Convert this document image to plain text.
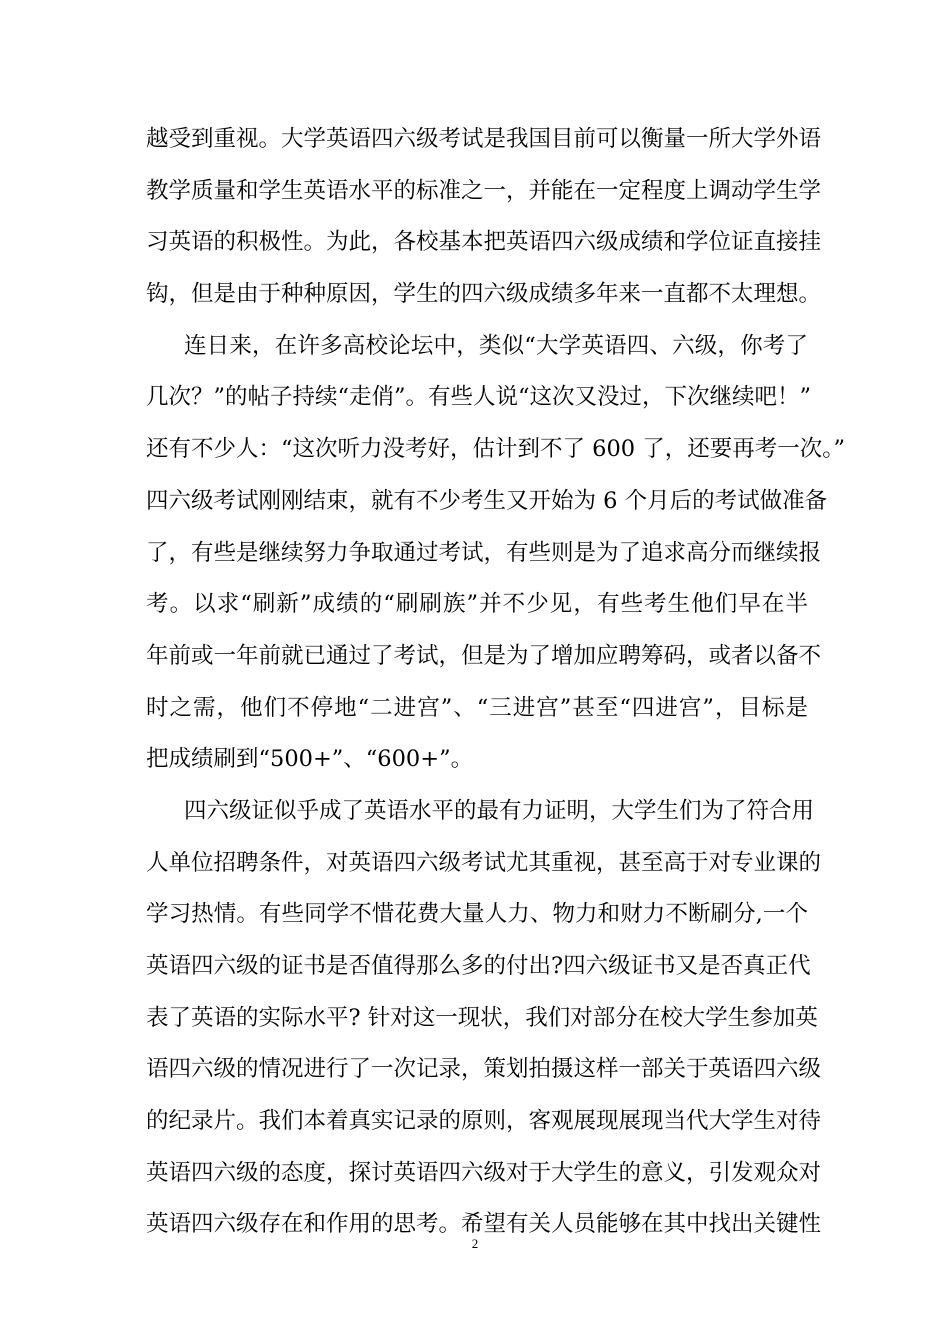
越受到重视。大学英语四六级考试是我国目前可以衡量一所大学外语
教学质量和学生英语水平的标准之一，并能在一定程度上调动学生学
习英语的积极性。为此，各校基本把英语四六级成绩和学位证直接挂
钩，但是由于种种原因，学生的四六级成绩多年来一直都不太理想。
连日来，在许多高校论坛中，类似“大学英语四、六级，你考了
几次？”的帖子持续“走俏”。有些人说“这次又没过，下次继续吧！”
还有不少人：“这次听力没考好，估计到不了 600 了，还要再考一次。”
四六级考试刚刚结束，就有不少考生又开始为 6 个月后的考试做准备
了，有些是继续努力争取通过考试，有些则是为了追求高分而继续报
考。以求“刷新”成绩的“刷刷族”并不少见，有些考生他们早在半
年前或一年前就已通过了考试，但是为了增加应聘筹码，或者以备不
时之需，他们不停地“二进宫”、“三进宫”甚至“四进宫”，目标是
把成绩刷到“500+”、“600+”。
四六级证似乎成了英语水平的最有力证明，大学生们为了符合用
人单位招聘条件，对英语四六级考试尤其重视，甚至高于对专业课的
学习热情。有些同学不惜花费大量人力、物力和财力不断刷分,一个
英语四六级的证书是否值得那么多的付出?四六级证书又是否真正代
表了英语的实际水平? 针对这一现状，我们对部分在校大学生参加英
语四六级的情况进行了一次记录，策划拍摄这样一部关于英语四六级
的纪录片。我们本着真实记录的原则，客观展现展现当代大学生对待
英语四六级的态度，探讨英语四六级对于大学生的意义，引发观众对
英语四六级存在和作用的思考。希望有关人员能够在其中找出关键性
2
